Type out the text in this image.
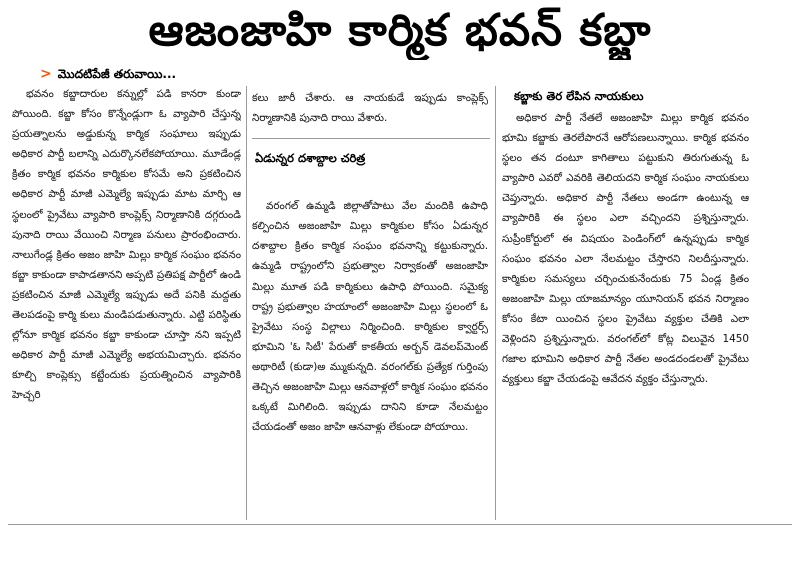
ఆజంజాహి కార్మిక భవన్‌ కబ్జా
> మొదటిపేజీ తరువాయి...

భవనం కబ్జాదారుల కన్నుల్లో పడి కానరా కుండా పోయింది. కబ్జా కోసం కొన్నేండ్లుగా ఓ వ్యాపారి చేస్తున్న ప్రయత్నాలను అడ్డుకున్న కార్మిక సంఘాలు ఇప్పుడు అధికార పార్టీ బలాన్ని ఎదుర్కొనలేకపోయాయి. మూడేండ్ల క్రితం కార్మిక భవనం కార్మికుల కోసమే అని ప్రకటించిన అధికార పార్టీ మాజీ ఎమ్మెల్యే ఇప్పుడు మాట మార్చి ఆ స్థలంలో ప్రైవేటు వ్యాపారి కాంప్లెక్స్‌ నిర్మాణానికి దగ్గరుండి పునాది రాయి వేయించి నిర్మాణ పనులు ప్రారంభించారు. నాలుగేండ్ల క్రితం అజం జాహి మిల్లు కార్మిక సంఘం భవనం కబ్జా కాకుండా కాపాడతానని అప్పటి ప్రతిపక్ష పార్టీలో ఉండి ప్రకటించిన మాజీ ఎమ్మెల్యే ఇప్పుడు అదే పనికి మద్దతు తెలపడంపై కార్మి కులు మండిపడుతున్నారు. ఎట్టి పరిస్థితు ల్లోనూ కార్మిక భవనం కబ్జా కాకుండా చూస్తా నని ఇప్పటి అధికార పార్టీ మాజీ ఎమ్మెల్యే అభయమిచ్చారు. భవనం కూల్చి కాంప్లెక్సు కట్టేందుకు ప్రయత్నించిన వ్యాపారికి హెచ్చరి

కలు జారీ చేశారు. ఆ నాయకుడే ఇప్పుడు కాంప్లెక్స్‌ నిర్మాణానికి పునాది రాయి వేశారు.

వరంగల్‌ ఉమ్మడి జిల్లాతోపాటు వేల మందికి ఉపాధి కల్పించిన అజంజాహి మిల్లు కార్మికుల కోసం ఏడున్నర దశాబ్దాల క్రితం కార్మిక సంఘం భవనాన్ని కట్టుకున్నారు. ఉమ్మడి రాష్ట్రంలోని ప్రభుత్వాల నిర్వాకంతో అజంజాహి మిల్లు మూత పడి కార్మికులు ఉపాధి పోయింది. సమైక్య రాష్ట్ర ప్రభుత్వాల హయాంలో అజంజాహి మిల్లు స్థలంలో ఓ ప్రైవేటు సంస్థ విల్లాలు నిర్మించింది. కార్మికుల క్వార్టర్స్‌ భూమిని 'ఓ సిటీ' పేరుతో కాకతీయ అర్బన్‌ డెవలప్‌మెంట్‌ అథారిటీ (కుడా)అ మ్ముకున్నది. వరంగల్‌కు ప్రత్యేక గుర్తింపు తెచ్చిన అజంజాహి మిల్లు ఆనవాళ్లలో కార్మిక సంఘం భవనం ఒక్కటే మిగిలింది. ఇప్పుడు దానిని కూడా నేలమట్టం చేయడంతో అజం జాహి ఆనవాళ్లు లేకుండా పోయాయి.

ఏడున్నర దశాబ్దాల చరిత్ర
కబ్జాకు తెర లేపిన నాయకులు

అధికార పార్టీ నేతలే అజంజాహి మిల్లు కార్మిక భవనం భూమి కబ్జాకు తెరలేపారనే ఆరోపణలున్నాయి. కార్మిక భవనం స్థలం తన దంటూ కాగితాలు పట్టుకుని తిరుగుతున్న ఓ వ్యాపారి ఎవరో ఎవరికి తెలియదని కార్మిక సంఘం నాయకులు చెప్తున్నారు. అధికార పార్టీ నేతలు అండగా ఉంటున్న ఆ వ్యాపారికి ఈ స్థలం ఎలా వచ్చిందని ప్రశ్నిస్తున్నారు. సుప్రీంకోర్టులో ఈ విషయం పెండింగ్‌లో ఉన్నప్పుడు కార్మిక సంఘం భవనం ఎలా నేలమట్టం చేస్తారని నిలదీస్తున్నారు. కార్మికుల సమస్యలు చర్చించుకునేందుకు 75 ఏండ్ల క్రితం అజంజాహి మిల్లు యాజమాన్యం యూనియన్‌ భవన నిర్మాణం కోసం కేటా యించిన స్థలం ప్రైవేటు వ్యక్తుల చేతికి ఎలా వెళ్లిందని ప్రశ్నిస్తున్నారు. వరంగల్‌లో కోట్ల విలువైన 1450 గజాల భూమిని అధికార పార్టీ నేతల అండదండలతో ప్రైవేటు వ్యక్తులు కబ్జా చేయడంపై ఆవేదన వ్యక్తం చేస్తున్నారు.
